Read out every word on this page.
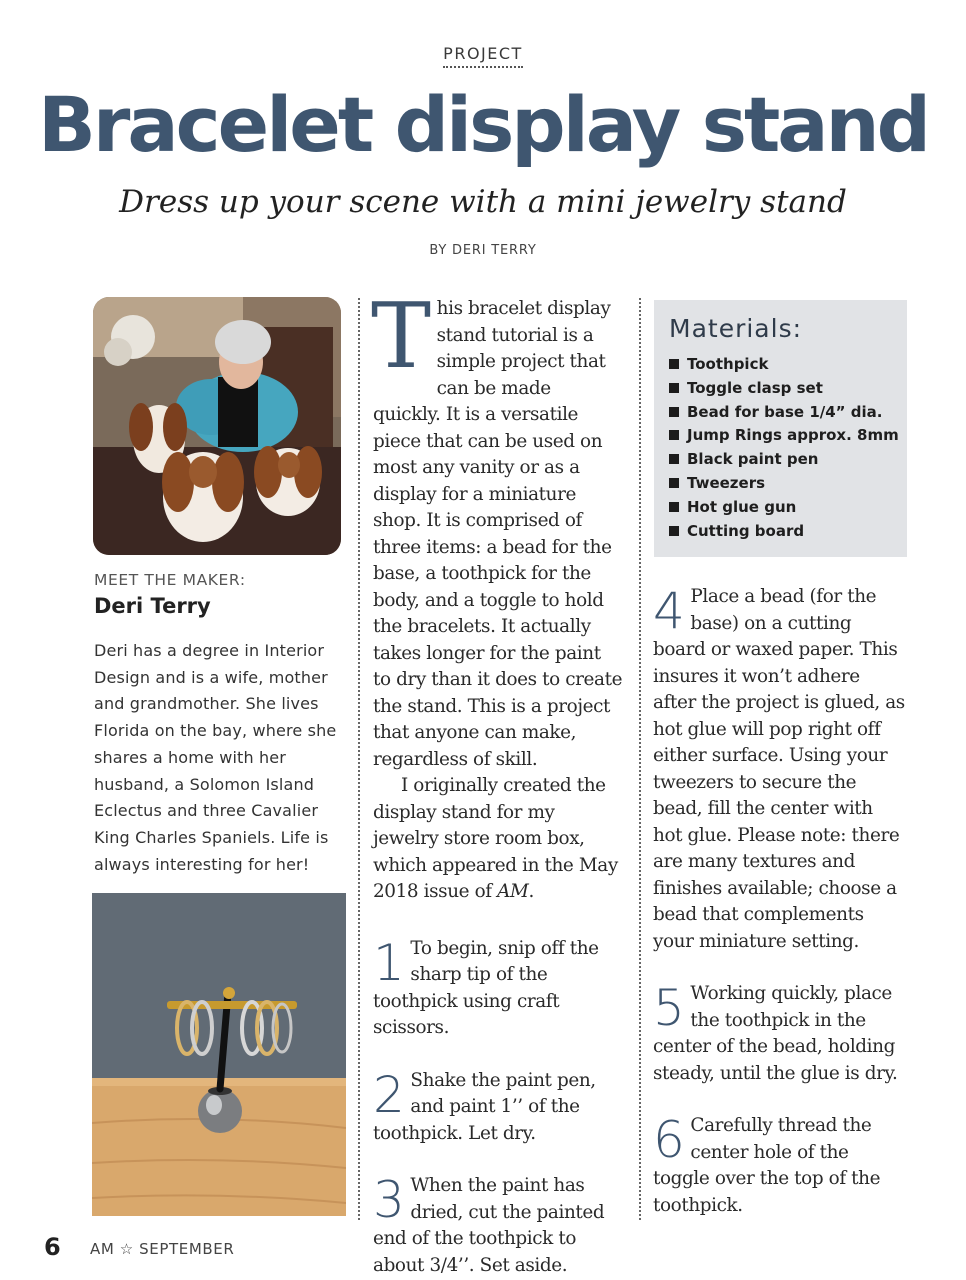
PROJECT
Bracelet display stand
Dress up your scene with a mini jewelry stand
BY DERI TERRY
MEET THE MAKER:
Deri Terry
Deri has a degree in Interior Design and is a wife, mother and grandmother. She lives Florida on the bay, where she shares a home with her husband, a Solomon Island Eclectus and three Cavalier King Charles Spaniels. Life is always interesting for her!

This bracelet display stand tutorial is a simple project that can be made quickly. It is a versatile piece that can be used on most any vanity or as a display for a miniature shop. It is comprised of three items: a bead for the base, a toothpick for the body, and a toggle to hold the bracelets. It actually takes longer for the paint to dry than it does to create the stand. This is a project that anyone can make, regardless of skill.

I originally created the display stand for my jewelry store room box, which appeared in the May 2018 issue of AM.

1 To begin, snip off the sharp tip of the toothpick using craft scissors.

2 Shake the paint pen, and paint 1’’ of the toothpick. Let dry.

3 When the paint has dried, cut the painted end of the toothpick to about 3/4’’. Set aside.

Materials:
Toothpick
Toggle clasp set
Bead for base 1/4” dia.
Jump Rings approx. 8mm
Black paint pen
Tweezers
Hot glue gun
Cutting board

4 Place a bead (for the base) on a cutting board or waxed paper. This insures it won’t adhere after the project is glued, as hot glue will pop right off either surface. Using your tweezers to secure the bead, fill the center with hot glue. Please note: there are many textures and finishes available; choose a bead that complements your miniature setting.

5 Working quickly, place the toothpick in the center of the bead, holding steady, until the glue is dry.

6 Carefully thread the center hole of the toggle over the top of the toothpick.

6 AM ☆ SEPTEMBER
